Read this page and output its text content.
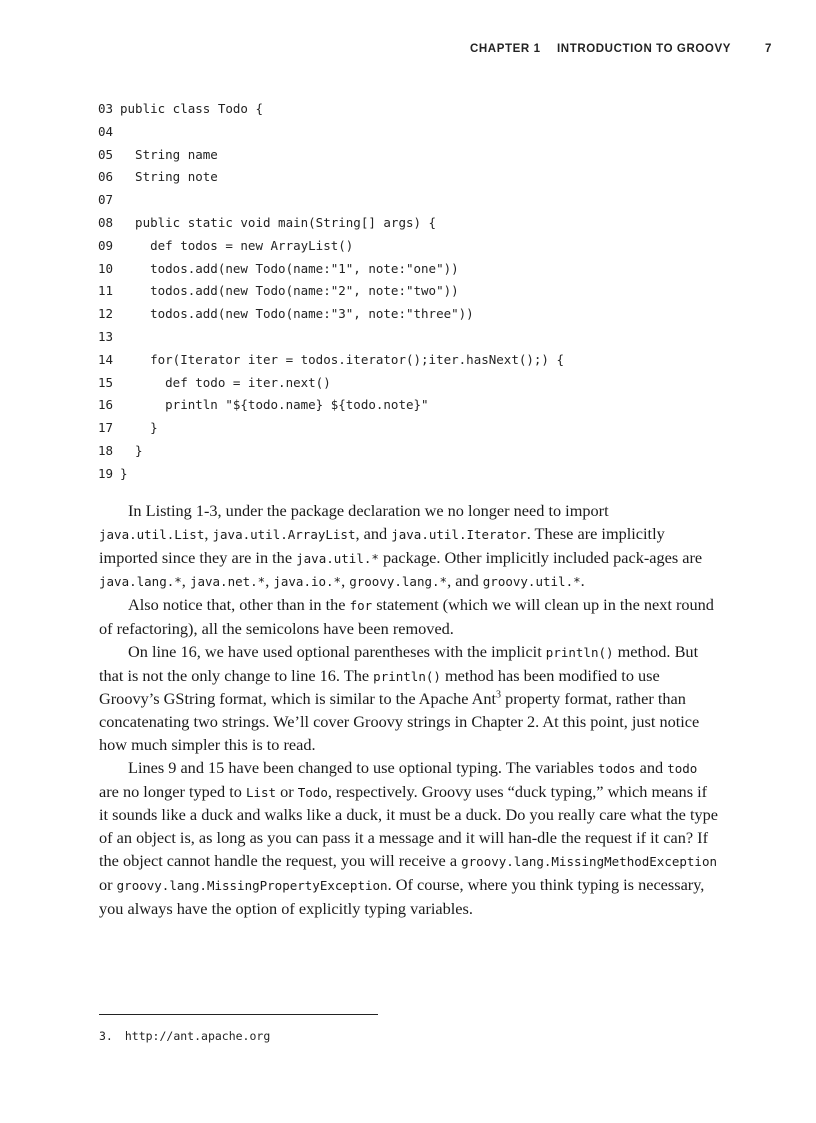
CHAPTER 1 INTRODUCTION TO GROOVY	7
03 public class Todo {
04
05  String name
06  String note
07
08  public static void main(String[] args) {
09    def todos = new ArrayList()
10    todos.add(new Todo(name:"1", note:"one"))
11    todos.add(new Todo(name:"2", note:"two"))
12    todos.add(new Todo(name:"3", note:"three"))
13
14    for(Iterator iter = todos.iterator();iter.hasNext();) {
15      def todo = iter.next()
16      println "${todo.name} ${todo.note}"
17    }
18  }
19 }

In Listing 1-3, under the package declaration we no longer need to import java.util.List, java.util.ArrayList, and java.util.Iterator. These are implicitly imported since they are in the java.util.* package. Other implicitly included pack-ages are java.lang.*, java.net.*, java.io.*, groovy.lang.*, and groovy.util.*.

Also notice that, other than in the for statement (which we will clean up in the next round of refactoring), all the semicolons have been removed.

On line 16, we have used optional parentheses with the implicit println() method. But that is not the only change to line 16. The println() method has been modified to use Groovy’s GString format, which is similar to the Apache Ant$^3$ property format, rather than concatenating two strings. We’ll cover Groovy strings in Chapter 2. At this point, just notice how much simpler this is to read.

Lines 9 and 15 have been changed to use optional typing. The variables todos and todo are no longer typed to List or Todo, respectively. Groovy uses “duck typing,” which means if it sounds like a duck and walks like a duck, it must be a duck. Do you really care what the type of an object is, as long as you can pass it a message and it will han-dle the request if it can? If the object cannot handle the request, you will receive a groovy.lang.MissingMethodException or groovy.lang.MissingPropertyException. Of course, where you think typing is necessary, you always have the option of explicitly typing variables.

3. http://ant.apache.org
